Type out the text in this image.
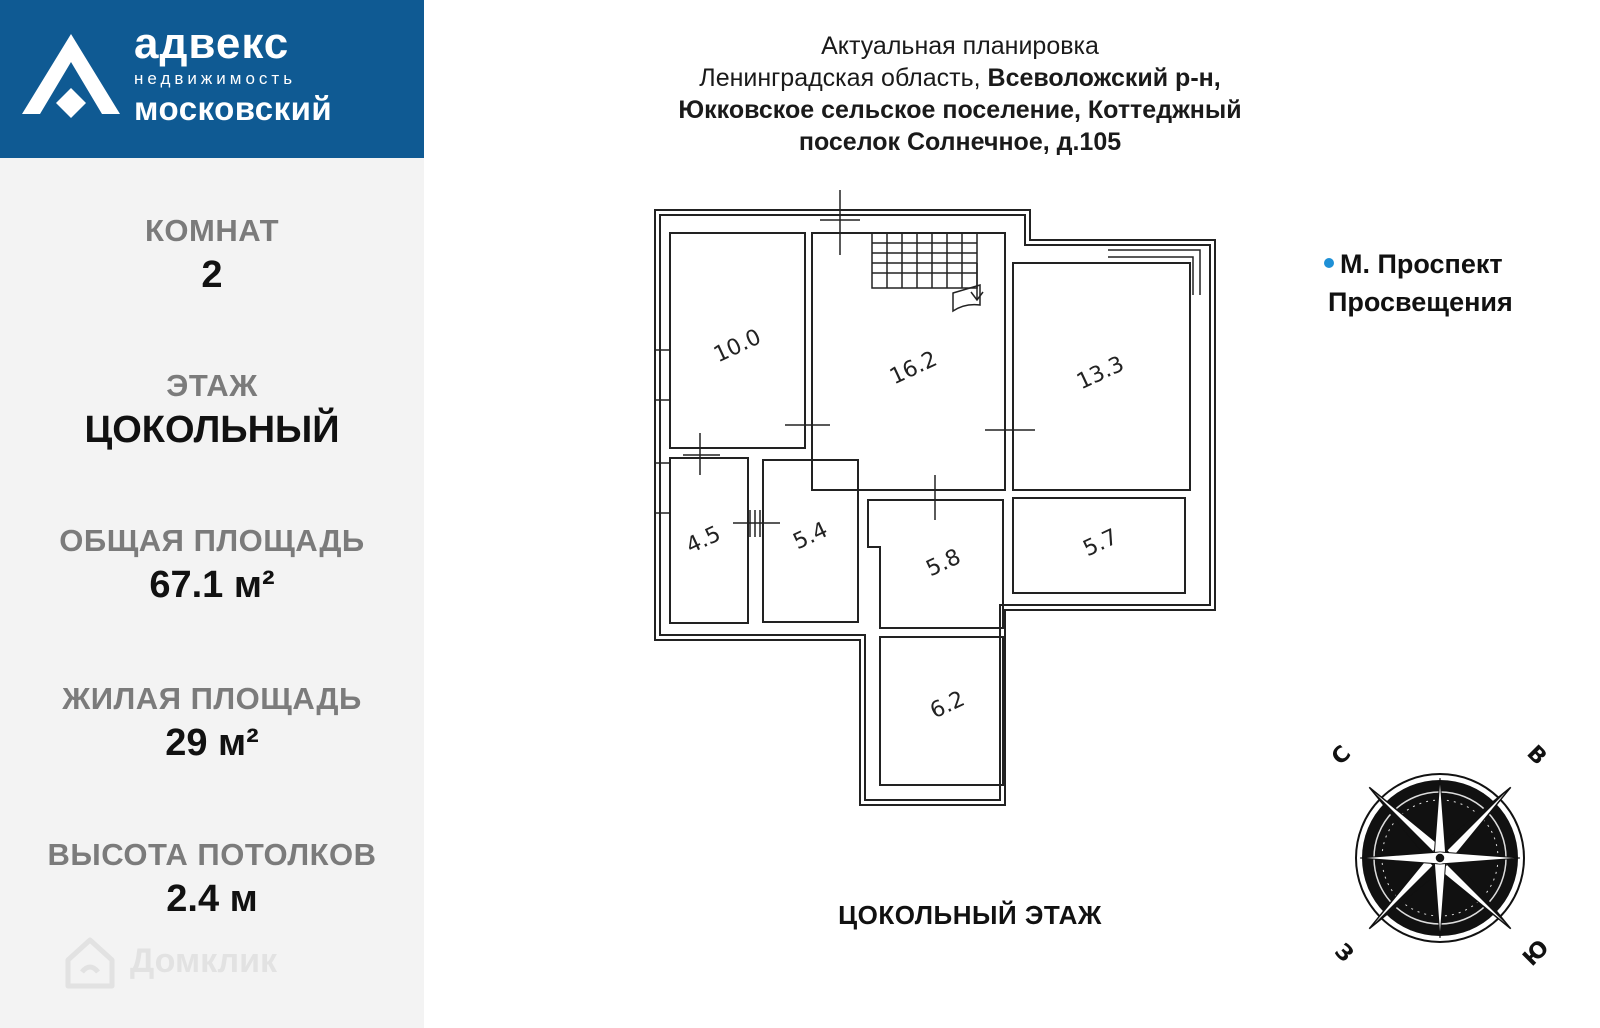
адвекс
недвижимость
московский
КОМНАТ
2
ЭТАЖ
ЦОКОЛЬНЫЙ
ОБЩАЯ ПЛОЩАДЬ
67.1 м²
ЖИЛАЯ ПЛОЩАДЬ
29 м²
ВЫСОТА ПОТОЛКОВ
2.4 м
Домклик
Актуальная планировка
Ленинградская область, Всеволожский р-н,
Юкковское сельское поселение, Коттеджный
поселок Солнечное, д.105
10.0
16.2	13.3
4.5	5.4
5.8
5.7
6.2
М. Проспект
Просвещения
ЦОКОЛЬНЫЙ ЭТАЖ
С	В
Ю
З
